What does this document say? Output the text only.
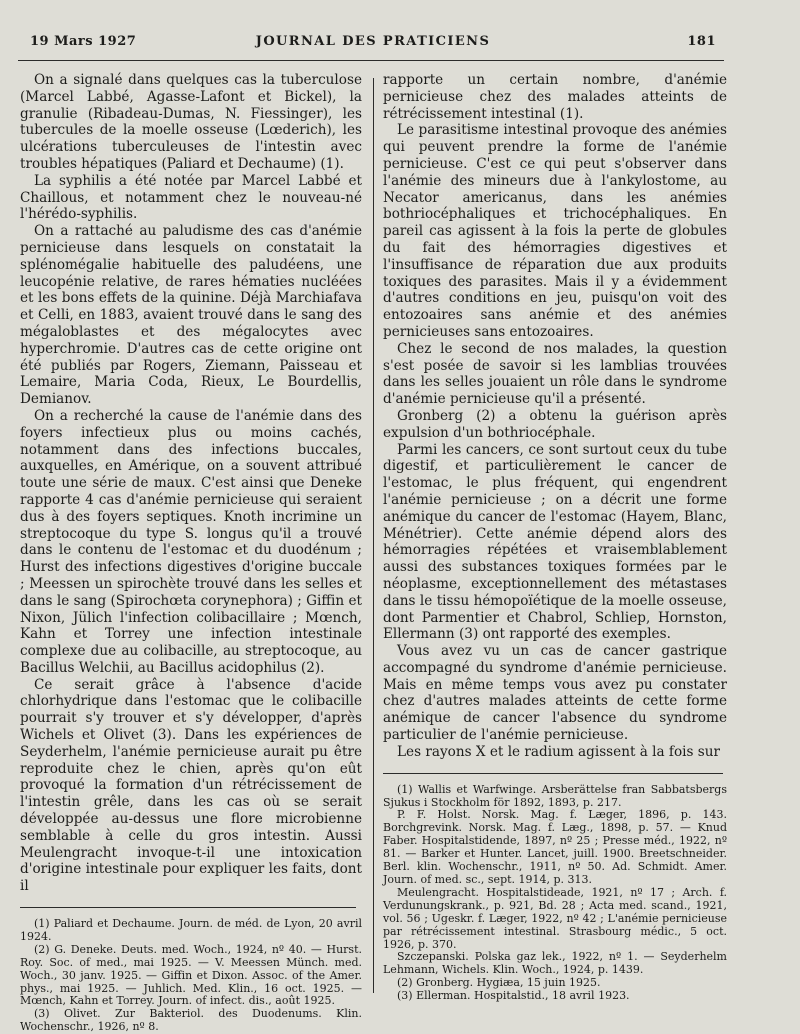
19 Mars 1927	JOURNAL DES PRATICIENS	181

On a signalé dans quelques cas la tuberculose (Marcel Labbé, Agasse-Lafont et Bickel), la granulie (Ribadeau-Dumas, N. Fiessinger), les tubercules de la moelle osseuse (Lœderich), les ulcérations tuberculeuses de l'intestin avec troubles hépatiques (Paliard et Dechaume) (1).

La syphilis a été notée par Marcel Labbé et Chaillous, et notamment chez le nouveau-né l'hérédo-syphilis.

On a rattaché au paludisme des cas d'anémie pernicieuse dans lesquels on constatait la splénomégalie habituelle des paludéens, une leucopénie relative, de rares hématies nucléées et les bons effets de la quinine. Déjà Marchiafava et Celli, en 1883, avaient trouvé dans le sang des mégaloblastes et des mégalocytes avec hyperchromie. D'autres cas de cette origine ont été publiés par Rogers, Ziemann, Paisseau et Lemaire, Maria Coda, Rieux, Le Bourdellis, Demianov.

On a recherché la cause de l'anémie dans des foyers infectieux plus ou moins cachés, notamment dans des infections buccales, auxquelles, en Amérique, on a souvent attribué toute une série de maux. C'est ainsi que Deneke rapporte 4 cas d'anémie pernicieuse qui seraient dus à des foyers septiques. Knoth incrimine un streptocoque du type S. longus qu'il a trouvé dans le contenu de l'estomac et du duodénum ; Hurst des infections digestives d'origine buccale ; Meessen un spirochète trouvé dans les selles et dans le sang (Spirochœta corynephora) ; Giffin et Nixon, Jülich l'infection colibacillaire ; Mœnch, Kahn et Torrey une infection intestinale complexe due au colibacille, au streptocoque, au Bacillus Welchii, au Bacillus acidophilus (2).

Ce serait grâce à l'absence d'acide chlorhydrique dans l'estomac que le colibacille pourrait s'y trouver et s'y développer, d'après Wichels et Olivet (3). Dans les expériences de Seyderhelm, l'anémie pernicieuse aurait pu être reproduite chez le chien, après qu'on eût provoqué la formation d'un rétrécissement de l'intestin grêle, dans les cas où se serait développée au-dessus une flore microbienne semblable à celle du gros intestin. Aussi Meulengracht invoque-t-il une intoxication d'origine intestinale pour expliquer les faits, dont il

(1) Paliard et Dechaume. Journ. de méd. de Lyon, 20 avril 1924.

(2) G. Deneke. Deuts. med. Woch., 1924, nº 40. — Hurst. Roy. Soc. of med., mai 1925. — V. Meessen Münch. med. Woch., 30 janv. 1925. — Giffin et Dixon. Assoc. of the Amer. phys., mai 1925. — Juhlich. Med. Klin., 16 oct. 1925. — Mœnch, Kahn et Torrey. Journ. of infect. dis., août 1925.

(3) Olivet. Zur Bakteriol. des Duodenums. Klin. Wochenschr., 1926, nº 8.

rapporte un certain nombre, d'anémie pernicieuse chez des malades atteints de rétrécissement intestinal (1).

Le parasitisme intestinal provoque des anémies qui peuvent prendre la forme de l'anémie pernicieuse. C'est ce qui peut s'observer dans l'anémie des mineurs due à l'ankylostome, au Necator americanus, dans les anémies bothriocéphaliques et trichocéphaliques. En pareil cas agissent à la fois la perte de globules du fait des hémorragies digestives et l'insuffisance de réparation due aux produits toxiques des parasites. Mais il y a évidemment d'autres conditions en jeu, puisqu'on voit des entozoaires sans anémie et des anémies pernicieuses sans entozoaires.

Chez le second de nos malades, la question s'est posée de savoir si les lamblias trouvées dans les selles jouaient un rôle dans le syndrome d'anémie pernicieuse qu'il a présenté.

Gronberg (2) a obtenu la guérison après expulsion d'un bothriocéphale.

Parmi les cancers, ce sont surtout ceux du tube digestif, et particulièrement le cancer de l'estomac, le plus fréquent, qui engendrent l'anémie pernicieuse ; on a décrit une forme anémique du cancer de l'estomac (Hayem, Blanc, Ménétrier). Cette anémie dépend alors des hémorragies répétées et vraisemblablement aussi des substances toxiques formées par le néoplasme, exceptionnellement des métastases dans le tissu hémopoïétique de la moelle osseuse, dont Parmentier et Chabrol, Schliep, Hornston, Ellermann (3) ont rapporté des exemples.

Vous avez vu un cas de cancer gastrique accompagné du syndrome d'anémie pernicieuse. Mais en même temps vous avez pu constater chez d'autres malades atteints de cette forme anémique de cancer l'absence du syndrome particulier de l'anémie pernicieuse.

Les rayons X et le radium agissent à la fois sur

(1) Wallis et Warfwinge. Arsberättelse fran Sabbatsbergs Sjukus i Stockholm för 1892, 1893, p. 217.

P. F. Holst. Norsk. Mag. f. Læger, 1896, p. 143. Borchgrevink. Norsk. Mag. f. Læg., 1898, p. 57. — Knud Faber. Hospitalstidende, 1897, nº 25 ; Presse méd., 1922, nº 81. — Barker et Hunter. Lancet, juill. 1900. Breetschneider. Berl. klin. Wochenschr., 1911, nº 50. Ad. Schmidt. Amer. Journ. of med. sc., sept. 1914, p. 313.

Meulengracht. Hospitalstideade, 1921, nº 17 ; Arch. f. Verdunungskrank., p. 921, Bd. 28 ; Acta med. scand., 1921, vol. 56 ; Ugeskr. f. Læger, 1922, nº 42 ; L'anémie pernicieuse par rétrécissement intestinal. Strasbourg médic., 5 oct. 1926, p. 370.

Szczepanski. Polska gaz lek., 1922, nº 1. — Seyderhelm Lehmann, Wichels. Klin. Woch., 1924, p. 1439.

(2) Gronberg. Hygiæa, 15 juin 1925.

(3) Ellerman. Hospitalstid., 18 avril 1923.
